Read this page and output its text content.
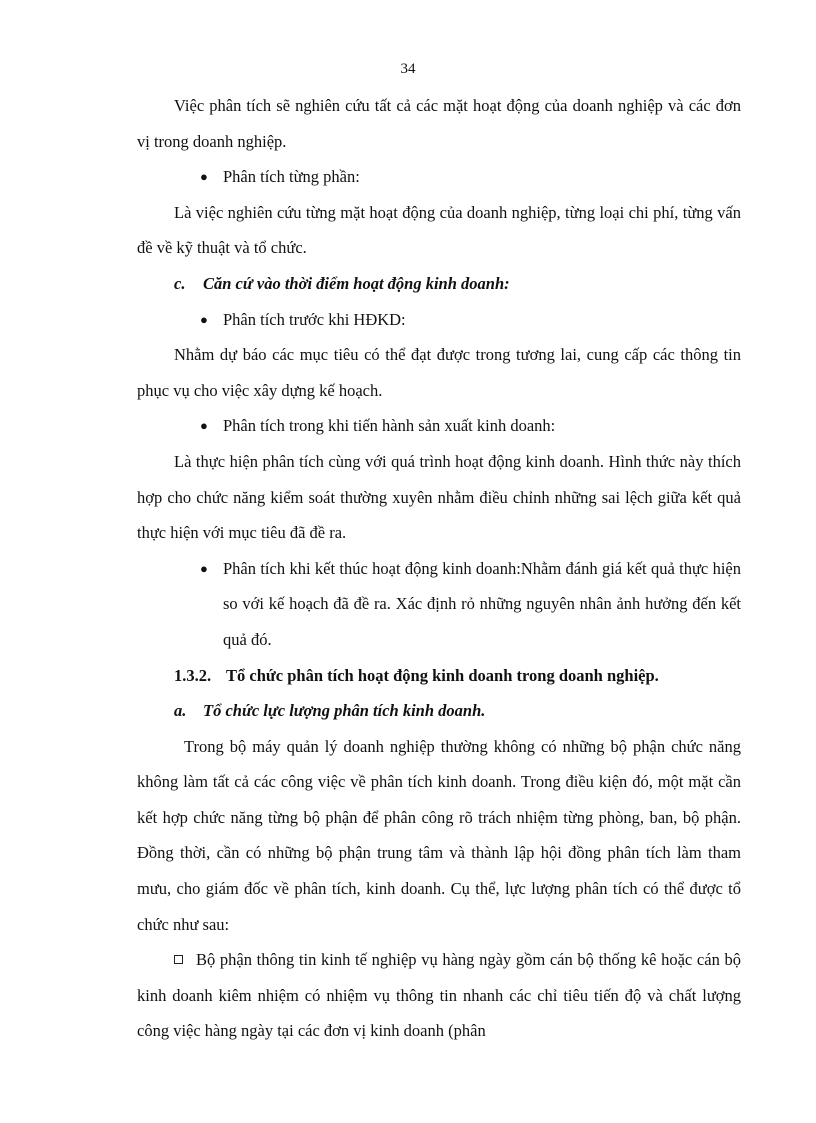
34

Việc phân tích sẽ nghiên cứu tất cả các mặt hoạt động của doanh nghiệp và các đơn vị trong doanh nghiệp.

● Phân tích từng phần:

Là việc nghiên cứu từng mặt hoạt động của doanh nghiệp, từng loại chi phí, từng vấn đề về kỹ thuật và tổ chức.

c. Căn cứ vào thời điểm hoạt động kinh doanh:

● Phân tích trước khi HĐKD:

Nhằm dự báo các mục tiêu có thể đạt được trong tương lai, cung cấp các thông tin phục vụ cho việc xây dựng kế hoạch.

● Phân tích trong khi tiến hành sản xuất kinh doanh:

Là thực hiện phân tích cùng với quá trình hoạt động kinh doanh. Hình thức này thích hợp cho chức năng kiểm soát thường xuyên nhằm điều chỉnh những sai lệch giữa kết quả thực hiện với mục tiêu đã đề ra.

● Phân tích khi kết thúc hoạt động kinh doanh:Nhằm đánh giá kết quả thực hiện so với kế hoạch đã đề ra. Xác định rỏ những nguyên nhân ảnh hưởng đến kết quả đó.

1.3.2. Tổ chức phân tích hoạt động kinh doanh trong doanh nghiệp.

a. Tổ chức lực lượng phân tích kinh doanh.

Trong bộ máy quản lý doanh nghiệp thường không có những bộ phận chức năng không làm tất cả các công việc về phân tích kinh doanh. Trong điều kiện đó, một mặt cần kết hợp chức năng từng bộ phận để phân công rõ trách nhiệm từng phòng, ban, bộ phận. Đồng thời, cần có những bộ phận trung tâm và thành lập hội đồng phân tích làm tham mưu, cho giám đốc về phân tích, kinh doanh. Cụ thể, lực lượng phân tích có thể được tổ chức như sau:

Bộ phận thông tin kinh tế nghiệp vụ hàng ngày gồm cán bộ thống kê hoặc cán bộ kinh doanh kiêm nhiệm có nhiệm vụ thông tin nhanh các chỉ tiêu tiến độ và chất lượng công việc hàng ngày tại các đơn vị kinh doanh (phân
